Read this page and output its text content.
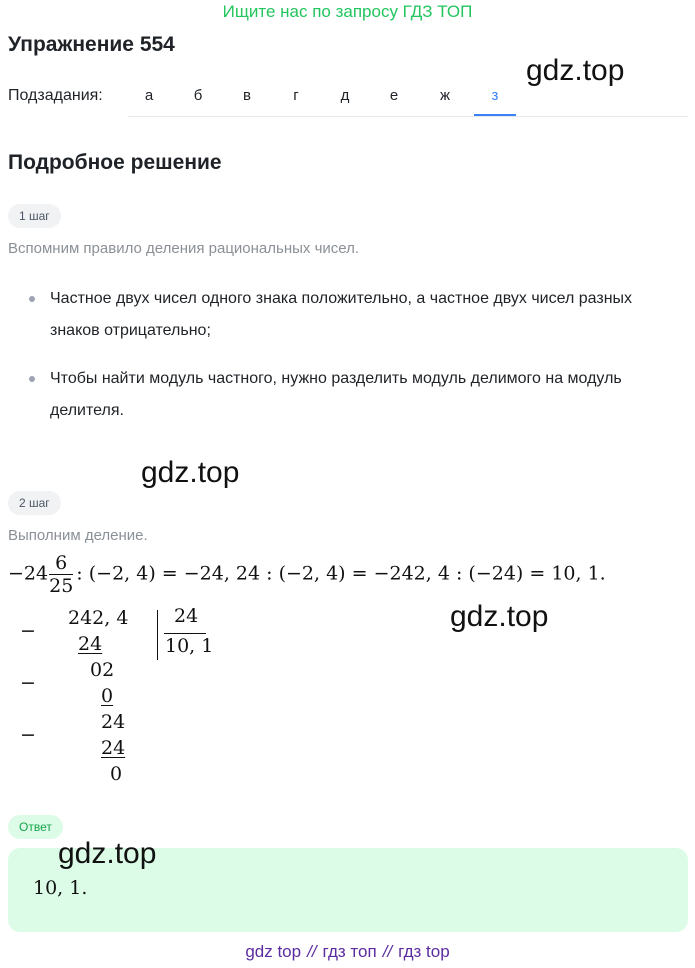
Ищите нас по запросу ГДЗ ТОП
Упражнение 554
gdz.top
Подзадания:	а	б	в	г	д	е	ж	з
Подробное решение
1 шаг
Вспомним правило деления рациональных чисел.
Частное двух чисел одного знака положительно, а частное двух чисел разных знаков отрицательно;
Чтобы найти модуль частного, нужно разделить модуль делимого на модуль делителя.
gdz.top
2 шаг
Выполним деление.
$-24 \frac{6}{25}$ : (−2, 4) = −24, 24 : (−2, 4) = −242, 4 : (−24) = 10, 1.
gdz.top
−
−
−
242, 4
24
02
0
24
24
0
24
10, 1
Ответ
gdz.top
10, 1.
gdz top // гдз топ // гдз top
